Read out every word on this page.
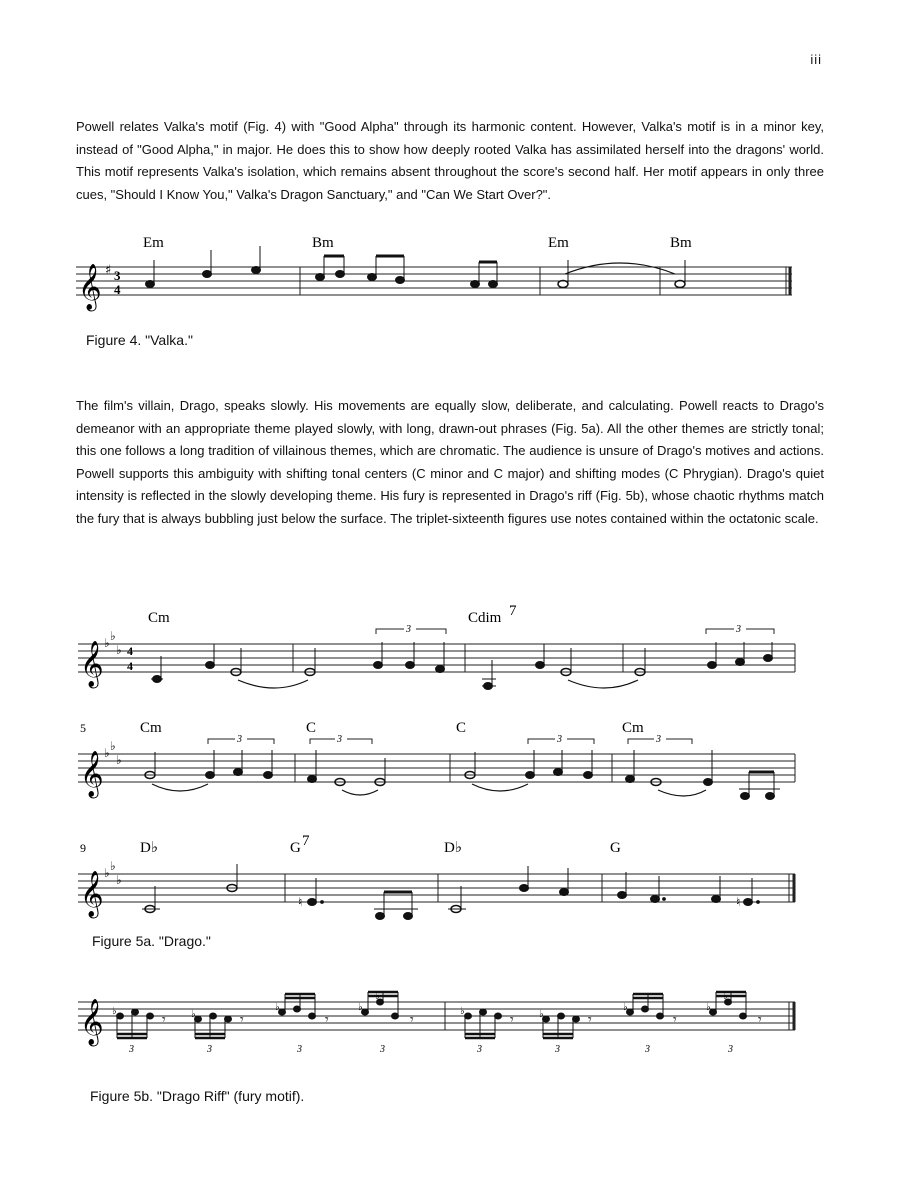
iii

Powell relates Valka's motif (Fig. 4) with "Good Alpha" through its harmonic content. However, Valka's motif is in a minor key, instead of "Good Alpha," in major. He does this to show how deeply rooted Valka has assimilated herself into the dragons' world. This motif represents Valka's isolation, which remains absent throughout the score's second half. Her motif appears in only three cues, "Should I Know You," Valka's Dragon Sanctuary," and "Can We Start Over?".

Em	Bm	Em	Bm
𝄞 ♯ 3
4
Figure 4. "Valka."

The film's villain, Drago, speaks slowly. His movements are equally slow, deliberate, and calculating. Powell reacts to Drago's demeanor with an appropriate theme played slowly, with long, drawn-out phrases (Fig. 5a). All the other themes are strictly tonal; this one follows a long tradition of villainous themes, which are chromatic. The audience is unsure of Drago's motives and actions. Powell supports this ambiguity with shifting tonal centers (C minor and C major) and shifting modes (C Phrygian). Drago's quiet intensity is reflected in the slowly developing theme. His fury is represented in Drago's riff (Fig. 5b), whose chaotic rhythms match the fury that is always bubbling just below the surface. The triplet-sixteenth figures use notes contained within the octatonic scale.

Cm	Cdim 7
𝄞 ♭ ♭
♭ 4
4
3	3
5	Cm	C	C	Cm
𝄞 ♭ ♭
♭
3	3	3	3
9	D♭	G 7	D♭	G
𝄞 ♭ ♭
♭
♮	♮
Figure 5a. "Drago."
𝄞 ♭	♭
♭	♭
♭
𝄾	𝄾	𝄾	𝄾
3	3	3	3
♭	♭
♭	♭
♭
𝄾	𝄾	𝄾	𝄾
3	3	3	3
Figure 5b. "Drago Riff" (fury motif).
